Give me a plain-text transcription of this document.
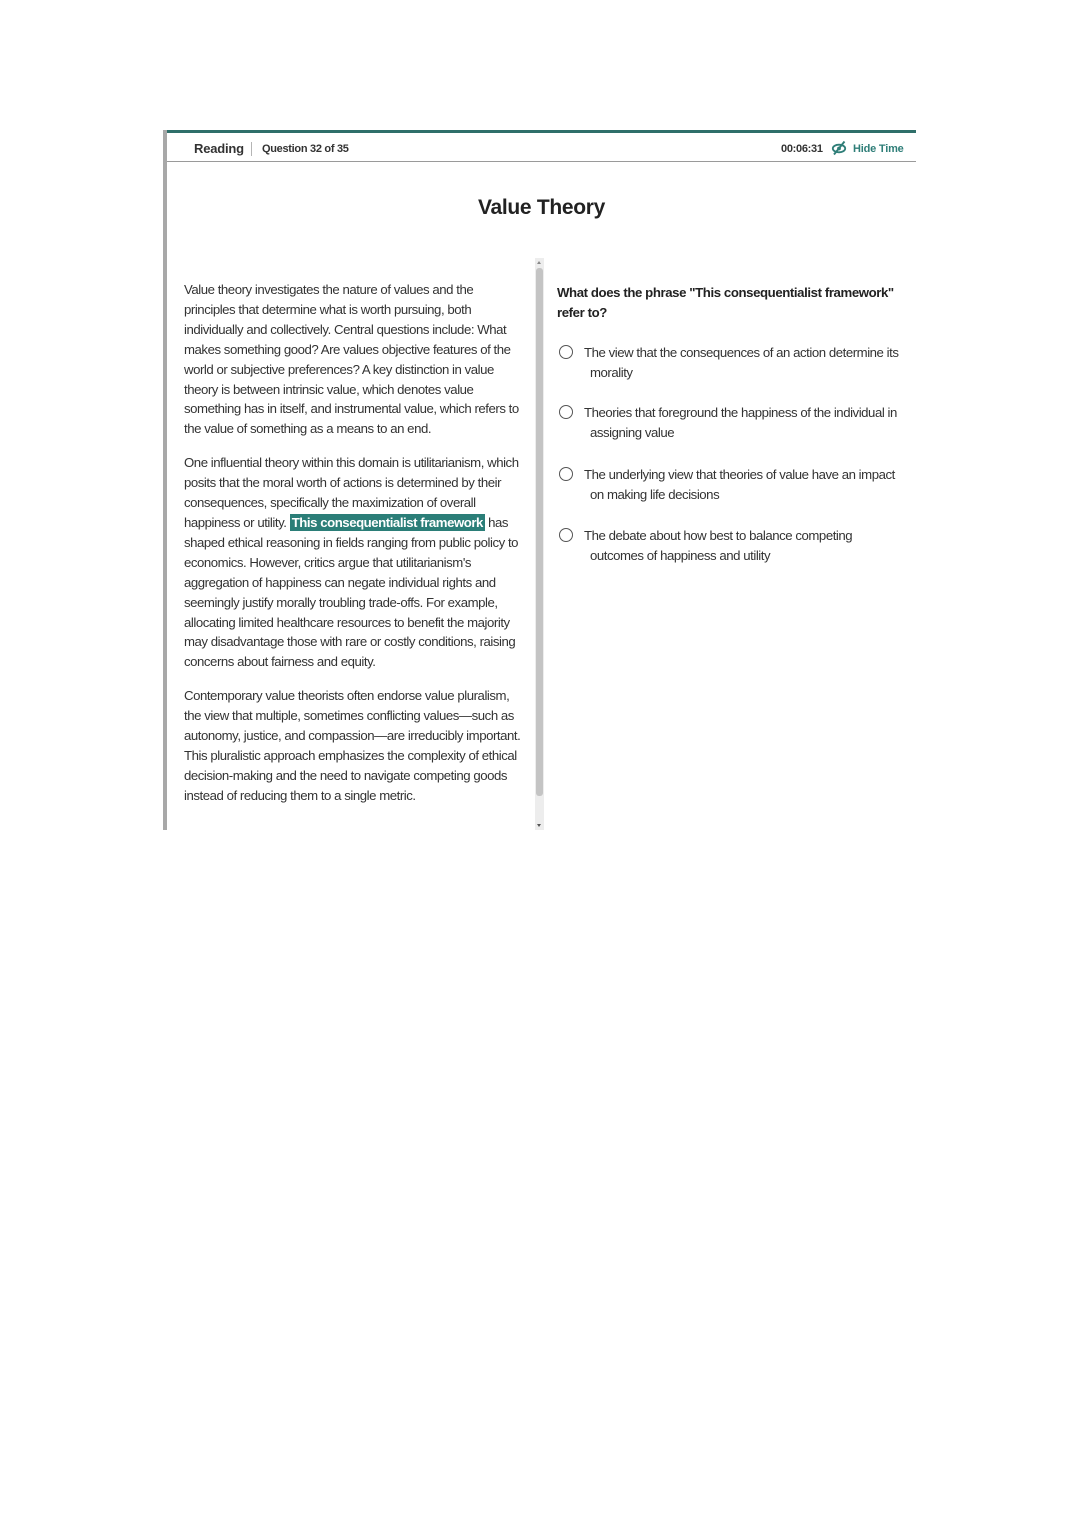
Reading Question 32 of 35	00:06:31	Hide Time
Value Theory

Value theory investigates the nature of values and the principles that determine what is worth pursuing, both individually and collectively. Central questions include: What makes something good? Are values objective features of the world or subjective preferences? A key distinction in value theory is between intrinsic value, which denotes value something has in itself, and instrumental value, which refers to the value of something as a means to an end.

One influential theory within this domain is utilitarianism, which posits that the moral worth of actions is determined by their consequences, specifically the maximization of overall happiness or utility. This consequentialist framework has shaped ethical reasoning in fields ranging from public policy to economics. However, critics argue that utilitarianism's aggregation of happiness can negate individual rights and seemingly justify morally troubling trade-offs. For example, allocating limited healthcare resources to benefit the majority may disadvantage those with rare or costly conditions, raising concerns about fairness and equity.

Contemporary value theorists often endorse value pluralism, the view that multiple, sometimes conflicting values—such as autonomy, justice, and compassion—are irreducibly important. This pluralistic approach emphasizes the complexity of ethical decision-making and the need to navigate competing goods instead of reducing them to a single metric.

What does the phrase "This consequentialist framework" refer to?
The view that the consequences of an action determine its
morality
Theories that foreground the happiness of the individual in
assigning value
The underlying view that theories of value have an impact
on making life decisions
The debate about how best to balance competing
outcomes of happiness and utility
